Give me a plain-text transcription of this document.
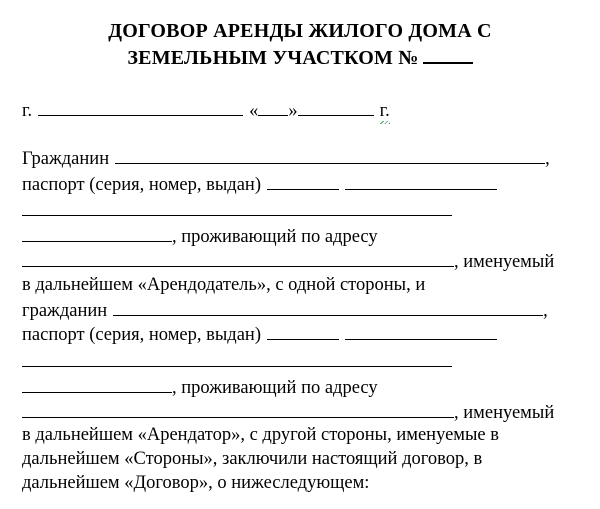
ДОГОВОР АРЕНДЫ ЖИЛОГО ДОМА С
ЗЕМЕЛЬНЫМ УЧАСТКОМ №
г.	« »	г.
Гражданин	,
паспорт (серия, номер, выдан)
, проживающий по адресу
, именуемый
в дальнейшем «Арендодатель», с одной стороны, и
гражданин	,
паспорт (серия, номер, выдан)
, проживающий по адресу
, именуемый
в дальнейшем «Арендатор», с другой стороны, именуемые в
дальнейшем «Стороны», заключили настоящий договор, в
дальнейшем «Договор», о нижеследующем:
